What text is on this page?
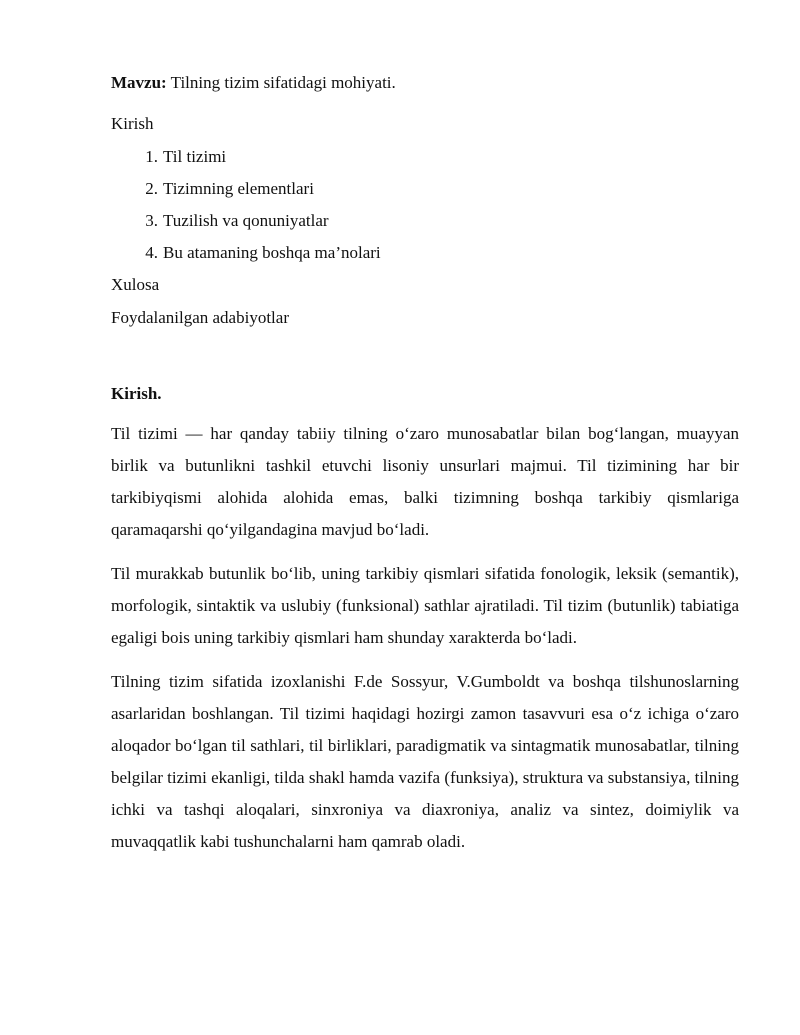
Mavzu: Tilning tizim sifatidagi mohiyati.

Kirish

1. Til tizimi
2. Tizimning elementlari
3. Tuzilish va qonuniyatlar
4. Bu atamaning boshqa ma’nolari

Xulosa

Foydalanilgan adabiyotlar

Kirish.

Til tizimi — har qanday tabiiy tilning o‘zaro munosabatlar bilan bog‘langan, muayyan birlik va butunlikni tashkil etuvchi lisoniy unsurlari majmui. Til tizimining har bir tarkibiyqismi alohida alohida emas, balki tizimning boshqa tarkibiy qismlariga qaramaqarshi qo‘yilgandagina mavjud bo‘ladi.

Til murakkab butunlik bo‘lib, uning tarkibiy qismlari sifatida fonologik, leksik (semantik), morfologik, sintaktik va uslubiy (funksional) sathlar ajratiladi. Til tizim (butunlik) tabiatiga egaligi bois uning tarkibiy qismlari ham shunday xarakterda bo‘ladi.

Tilning tizim sifatida izoxlanishi F.de Sossyur, V.Gumboldt va boshqa tilshunoslarning asarlaridan boshlangan. Til tizimi haqidagi hozirgi zamon tasavvuri esa o‘z ichiga o‘zaro aloqador bo‘lgan til sathlari, til birliklari, paradigmatik va sintagmatik munosabatlar, tilning belgilar tizimi ekanligi, tilda shakl hamda vazifa (funksiya), struktura va substansiya, tilning ichki va tashqi aloqalari, sinxroniya va diaxroniya, analiz va sintez, doimiylik va muvaqqatlik kabi tushunchalarni ham qamrab oladi.
